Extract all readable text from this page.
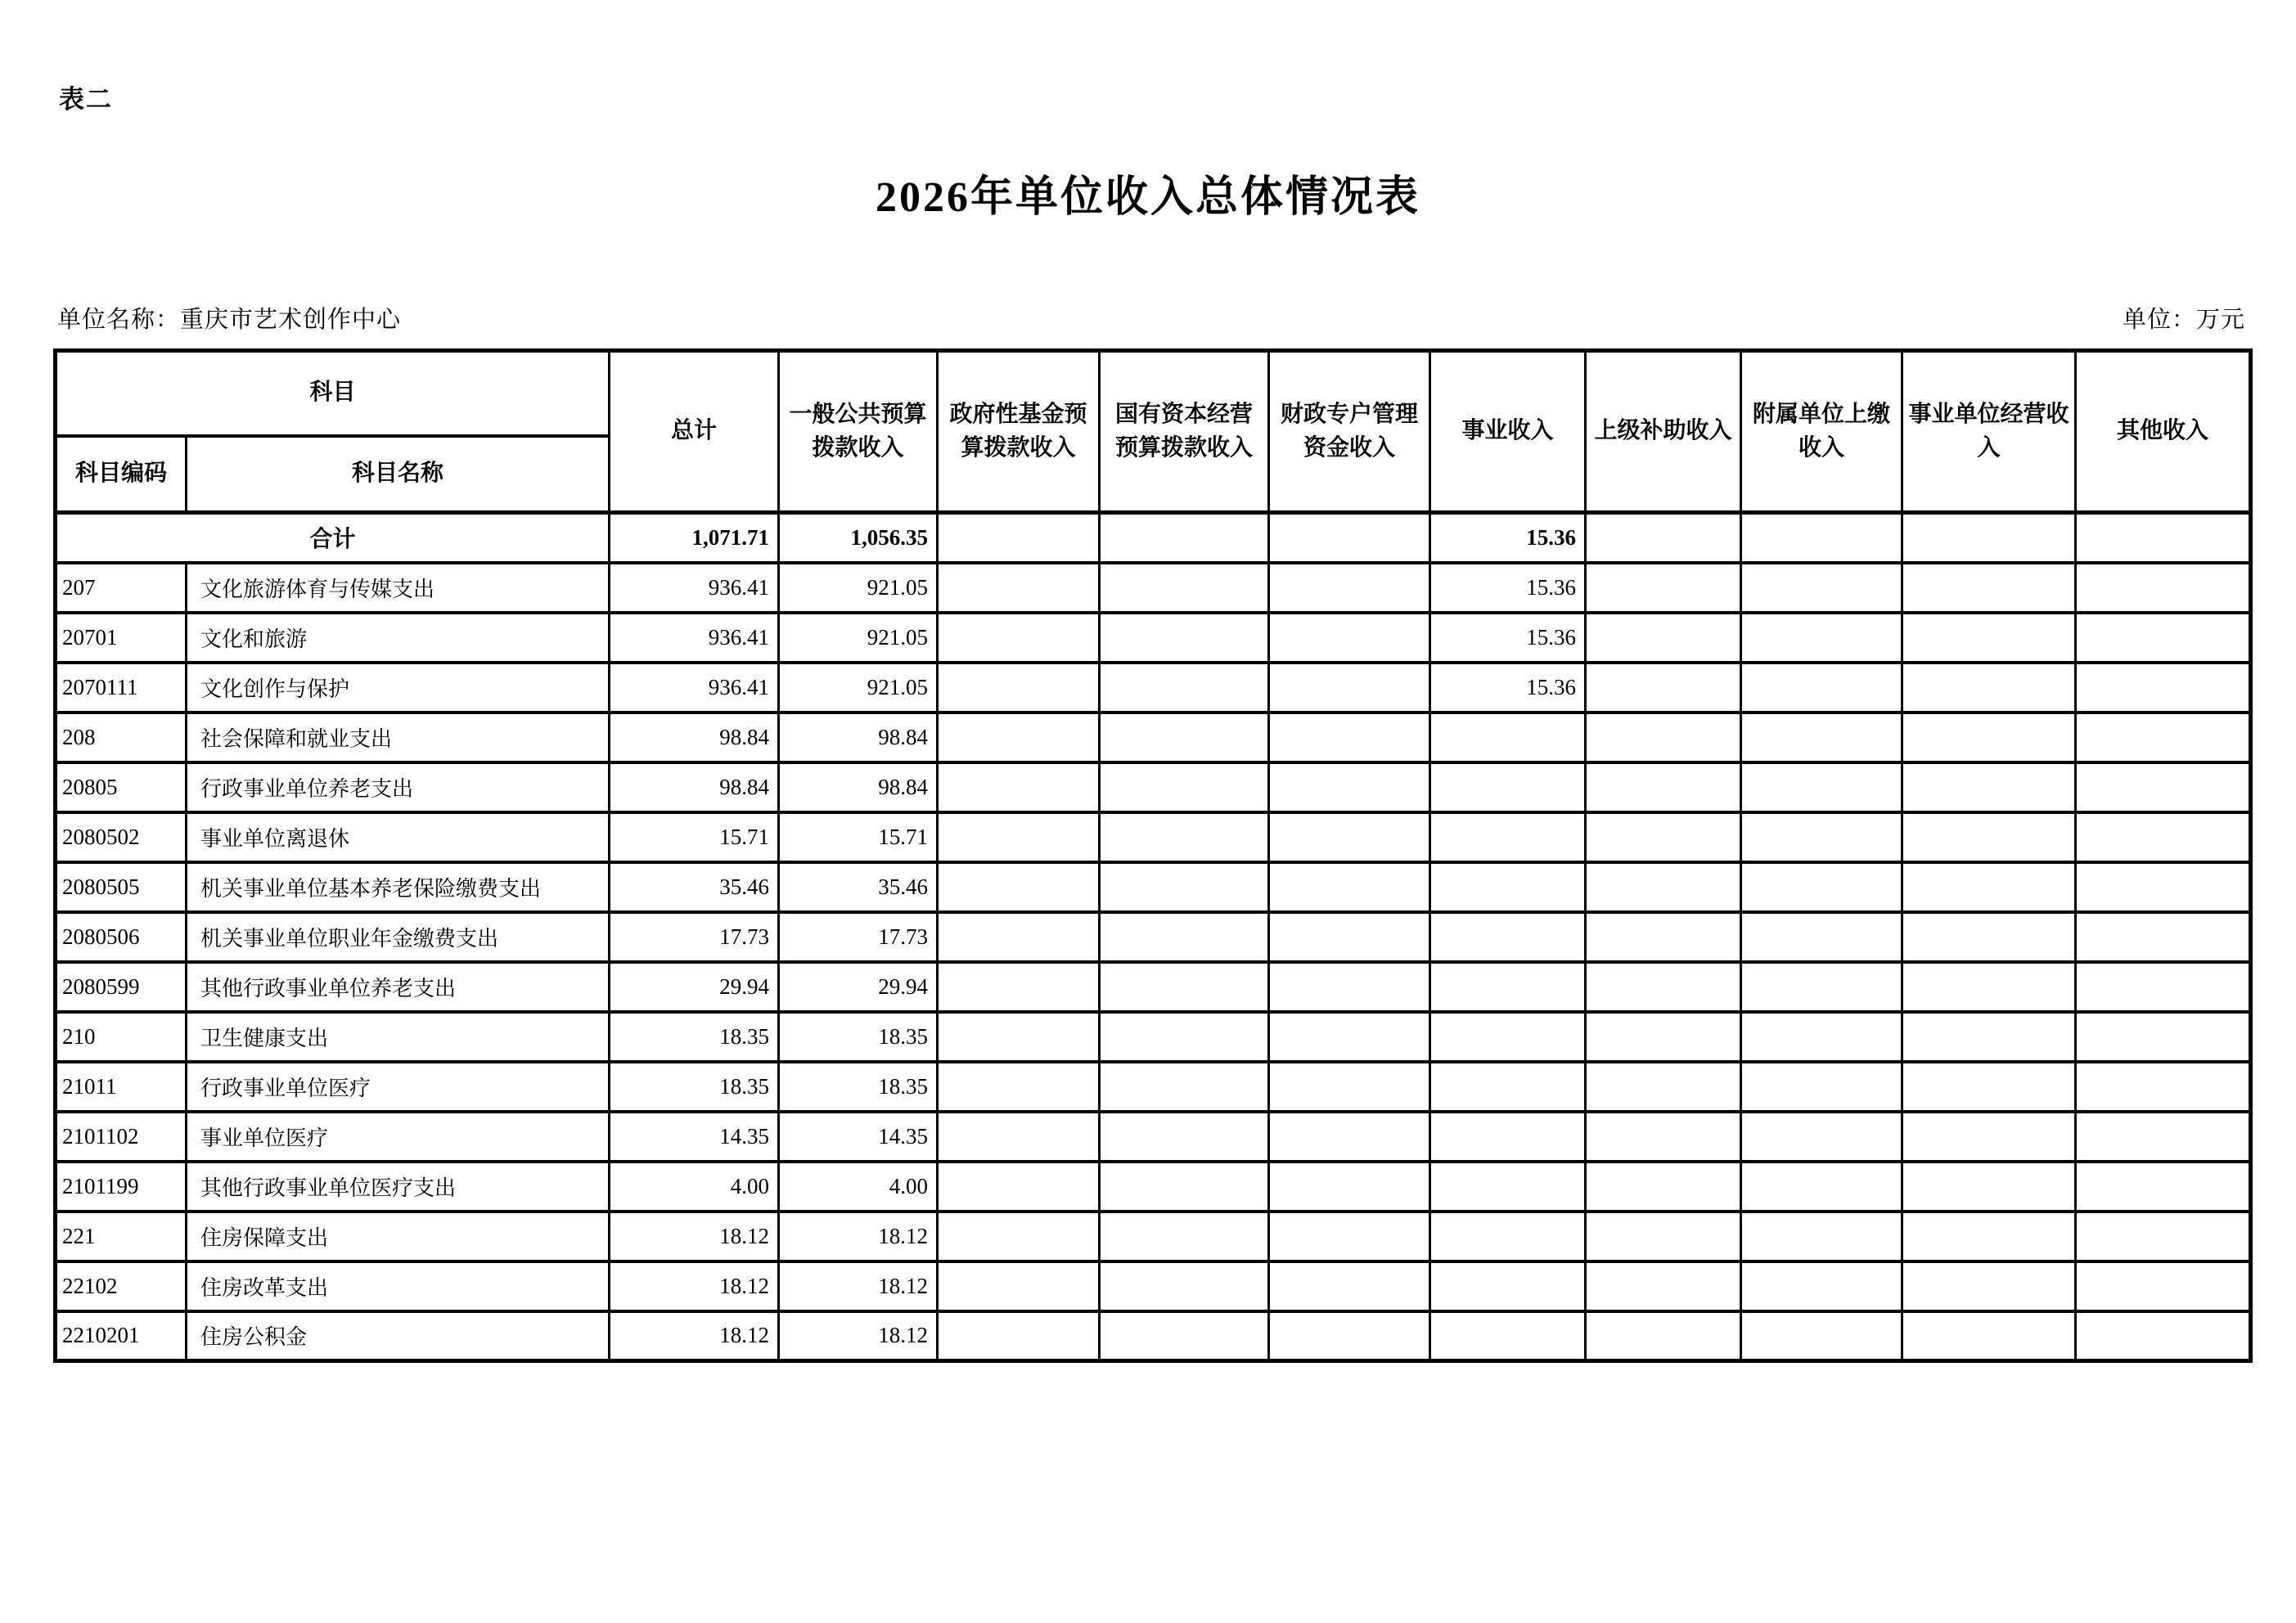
表二
2026年单位收入总体情况表
单位名称：重庆市艺术创作中心	单位：万元
科目		总计	一般公共预算拨款收入	政府性基金预算拨款收入	国有资本经营预算拨款收入	财政专户管理资金收入	事业收入	上级补助收入	附属单位上缴收入	事业单位经营收入	其他收入
科目编码	科目名称										
合计		1,071.71	1,056.35				15.36				
207	文化旅游体育与传媒支出	936.41	921.05				15.36				
20701	文化和旅游	936.41	921.05				15.36				
2070111	文化创作与保护	936.41	921.05				15.36				
208	社会保障和就业支出	98.84	98.84								
20805	行政事业单位养老支出	98.84	98.84								
2080502	事业单位离退休	15.71	15.71								
2080505	机关事业单位基本养老保险缴费支出	35.46	35.46								
2080506	机关事业单位职业年金缴费支出	17.73	17.73								
2080599	其他行政事业单位养老支出	29.94	29.94								
210	卫生健康支出	18.35	18.35								
21011	行政事业单位医疗	18.35	18.35								
2101102	事业单位医疗	14.35	14.35								
2101199	其他行政事业单位医疗支出	4.00	4.00								
221	住房保障支出	18.12	18.12								
22102	住房改革支出	18.12	18.12								
2210201	住房公积金	18.12	18.12								
